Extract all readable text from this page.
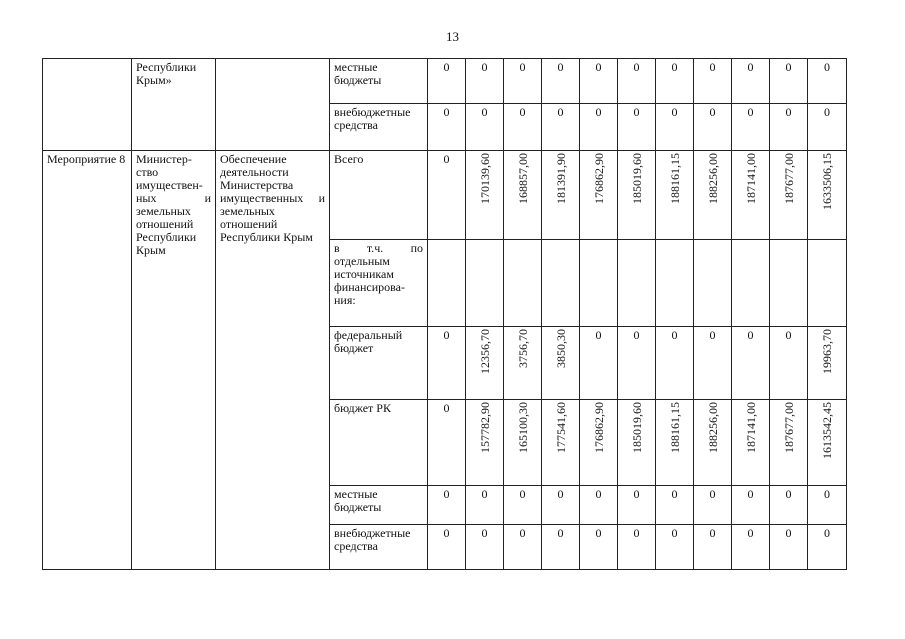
13
	Республики Крым»		местные бюджеты	0	0	0	0	0	0	0	0	0	0	0
			внебюджетные средства	0	0	0	0	0	0	0	0	0	0	0
Мероприятие 8	Министер-ство имуществен-ных и земельных отношений Республики Крым	Обеспечение деятельности Министерства имущественных и земельных отношений Республики Крым	Всего	0	170139,60	168857,00	181391,90	176862,90	185019,60	188161,15	188256,00	187141,00	187677,00	1633506,15
			в т.ч. по отдельным источникам финансирова-ния:											
			федеральный бюджет	0	12356,70	3756,70	3850,30	0	0	0	0	0	0	19963,70
			бюджет РК	0	157782,90	165100,30	177541,60	176862,90	185019,60	188161,15	188256,00	187141,00	187677,00	1613542,45
			местные бюджеты	0	0	0	0	0	0	0	0	0	0	0
			внебюджетные средства	0	0	0	0	0	0	0	0	0	0	0
